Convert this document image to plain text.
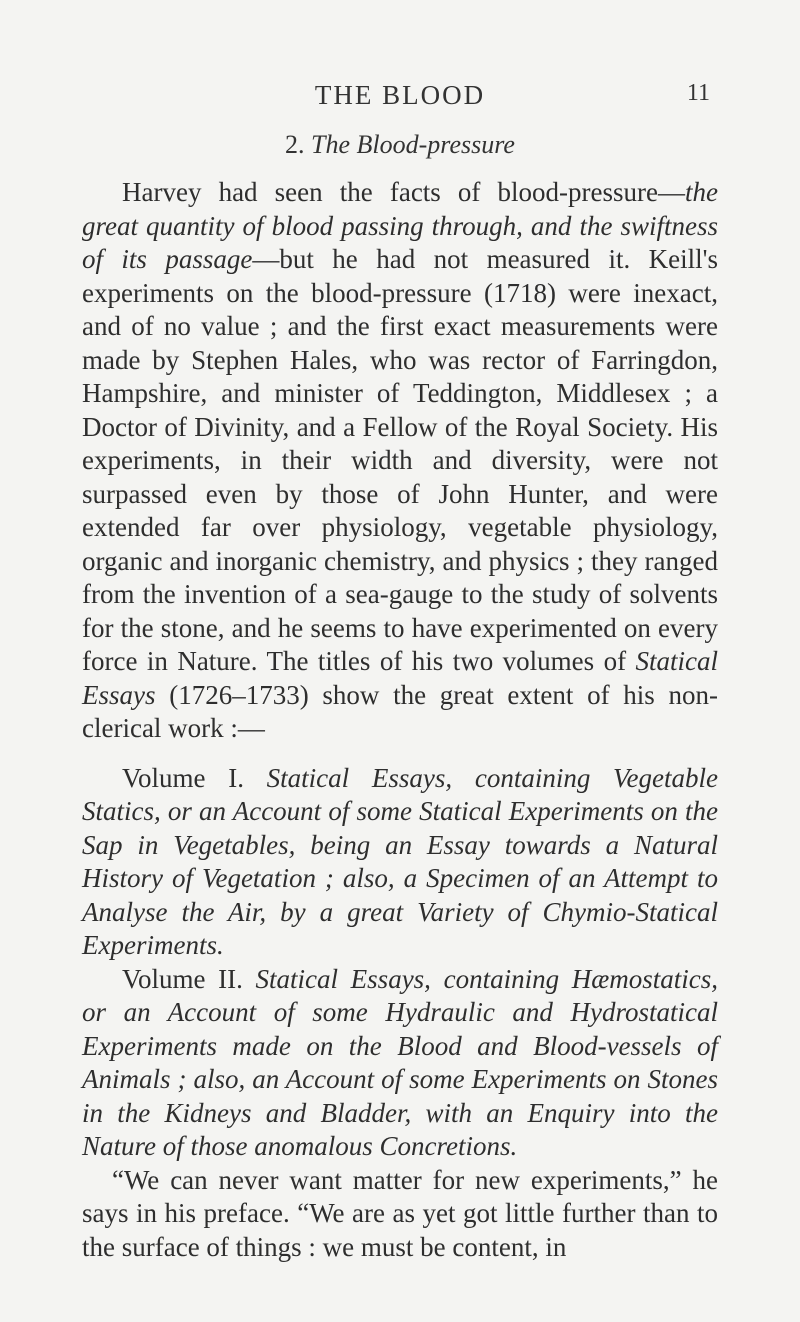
THE BLOOD	11
2. The Blood-pressure

Harvey had seen the facts of blood-pressure—the great quantity of blood passing through, and the swiftness of its passage—but he had not measured it. Keill's experiments on the blood-pressure (1718) were inexact, and of no value ; and the first exact measurements were made by Stephen Hales, who was rector of Farringdon, Hampshire, and minister of Teddington, Middlesex ; a Doctor of Divinity, and a Fellow of the Royal Society. His experiments, in their width and diversity, were not surpassed even by those of John Hunter, and were extended far over physiology, vegetable physiology, organic and inorganic chemistry, and physics ; they ranged from the invention of a sea-gauge to the study of solvents for the stone, and he seems to have experimented on every force in Nature. The titles of his two volumes of Statical Essays (1726–1733) show the great extent of his non-clerical work :—

Volume I. Statical Essays, containing Vegetable Statics, or an Account of some Statical Experiments on the Sap in Vegetables, being an Essay towards a Natural History of Vegetation ; also, a Specimen of an Attempt to Analyse the Air, by a great Variety of Chymio-Statical Experiments.

Volume II. Statical Essays, containing Hæmostatics, or an Account of some Hydraulic and Hydrostatical Experiments made on the Blood and Blood-vessels of Animals ; also, an Account of some Experiments on Stones in the Kidneys and Bladder, with an Enquiry into the Nature of those anomalous Concretions.

“We can never want matter for new experiments,” he says in his preface. “We are as yet got little further than to the surface of things : we must be content, in
